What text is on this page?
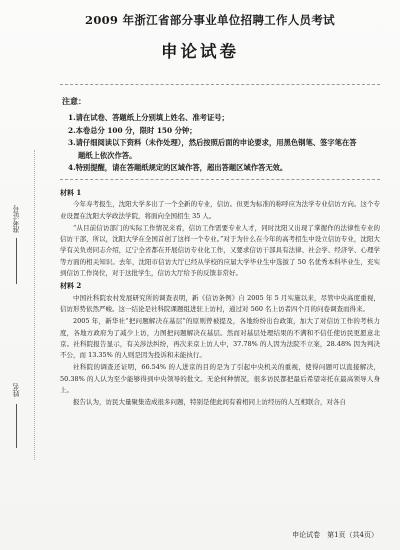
2009 年浙江省部分事业单位招聘工作人员考试
申论试卷
注意：
1.请在试卷、答题纸上分别填上姓名、准考证号；
2.本卷总分 100 分，限时 150 分钟；
3.请仔细阅读以下资料（未作处理），然后按照后面的申论要求，用黑色钢笔、签字笔在答
题纸上依次作答。
4.特别提醒，请在答题纸规定的区域作答，超出答题区域作答无效。
准考证号
姓名
材料 1

今年寿考报生，沈阳大学多出了一个全新的专业，信访。但更为标准的称呼应为法学专业信访方向。这个专业设置在沈阳大学政法学院，将面向全国招生 35 人。

“从目前信访部门的实际工作情况来看，信访工作需要专业人才，同时沈阳又出现了掌握作的法律性专业的信访干部，所以，沈阳大学在全国首创了这样一个专业。”对于为什么在今年的高考招生中设立信访专业，沈阳大学有关负责同志介绍，辽宁全省都在开展信访专业化工作，又要求信访干部具有法律、社会学、经济学、心理学等方面的相关知识。去年，沈阳市信访大厅已经从学校的应届大学毕业生中选拔了 50 名优秀本科毕业生，充实到信访工作岗位，对于这批学生，信访大厅给予的反馈非常好。

材料 2

中国社科院农村发展研究所的调查表明，新《信访条例》自 2005 年 5 月实施以来，尽管中央高度重视，信访形势依然严峻。这一结论是社科院课题组进驻上访村，通过对 560 名上访者四个月的问卷调查而得来。

2005 年，新华社“把问题解决在基层”的原则曾被提及，各地纷纷出台政策，加大了对信访工作的考核力度，各地方政府为了减少上访，力图把问题解决在基层。然而对基层处理结果的不满和不信任使访民更愿意北京。社科院报告显示，有关涉法纠纷，再次来京上访人中，37.78% 的人因为法院不立案，28.48% 因为判决不公，而 13.35% 的人则是因为投诉和未能执行。

社科院的调查还证明，66.54% 的人进京的目的是为了引起中央机关的重视，使得问题可以直接解决，50.38% 的人认为至少能够得到中央领导的批文。无论何种情况，很多访民都把最后希望寄托在最高领导人身上。

报告认为，访民大量聚集造成很多问题，特别是使此间有着相同上访经历的人互相联合，对各自

申论试卷　第1页（共4页）
